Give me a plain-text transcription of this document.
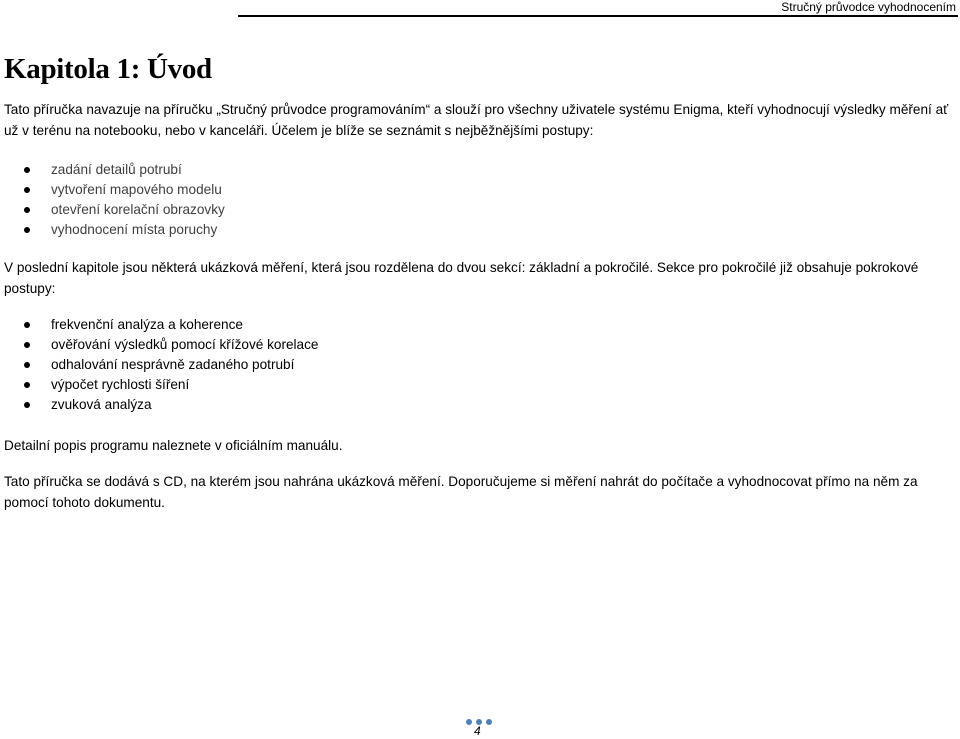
Stručný průvodce vyhodnocením
Kapitola 1: Úvod

Tato příručka navazuje na příručku „Stručný průvodce programováním“ a slouží pro všechny uživatele systému Enigma, kteří vyhodnocují výsledky měření ať už v terénu na notebooku, nebo v kanceláři. Účelem je blíže se seznámit s nejběžnějšími postupy:

zadání detailů potrubí
vytvoření mapového modelu
otevření korelační obrazovky
vyhodnocení místa poruchy

V poslední kapitole jsou některá ukázková měření, která jsou rozdělena do dvou sekcí: základní a pokročilé. Sekce pro pokročilé již obsahuje pokrokové postupy:

frekvenční analýza a koherence
ověřování výsledků pomocí křížové korelace
odhalování nesprávně zadaného potrubí
výpočet rychlosti šíření
zvuková analýza

Detailní popis programu naleznete v oficiálním manuálu.

Tato příručka se dodává s CD, na kterém jsou nahrána ukázková měření. Doporučujeme si měření nahrát do počítače a vyhodnocovat přímo na něm za pomocí tohoto dokumentu.

4
